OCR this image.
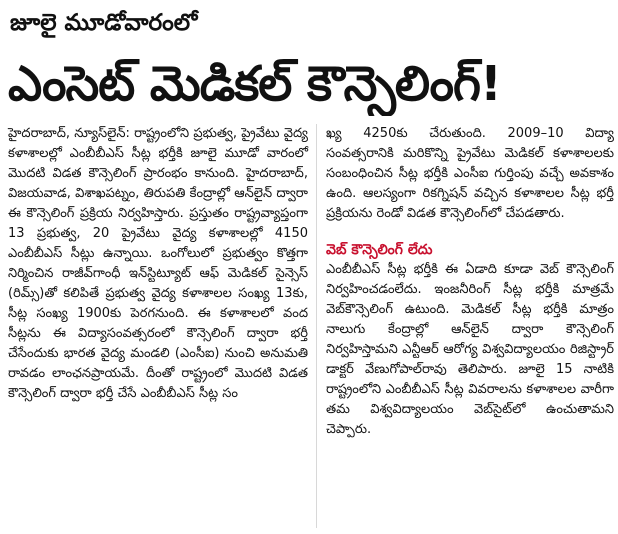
జూలై మూడోవారంలో
ఎంసెట్ మెడికల్ కౌన్సెలింగ్!

హైదరాబాద్, న్యూస్‌లైన్: రాష్ట్రంలోని ప్రభుత్వ, ప్రైవేటు వైద్య కళాశాలల్లో ఎంబీబీఎస్ సీట్ల భర్తీకి జూలై మూడో వారంలో మొదటి విడత కౌన్సెలింగ్ ప్రారంభం కానుంది. హైదరాబాద్, విజయవాడ, విశాఖపట్నం, తిరుపతి కేంద్రాల్లో ఆన్‌లైన్ ద్వారా ఈ కౌన్సెలింగ్ ప్రక్రియ నిర్వహిస్తారు. ప్రస్తుతం రాష్ట్రవ్యాప్తంగా 13 ప్రభుత్వ, 20 ప్రైవేటు వైద్య కళాశాలల్లో 4150 ఎంబీబీఎస్ సీట్లు ఉన్నాయి. ఒంగోలులో ప్రభుత్వం కొత్తగా నిర్మించిన రాజీవ్‌గాంధీ ఇన్‌స్టిట్యూట్ ఆఫ్ మెడికల్ సైన్సెస్ (రిమ్స్)తో కలిపితే ప్రభుత్వ వైద్య కళాశాలల సంఖ్య 13కు, సీట్ల సంఖ్య 1900కు పెరగనుంది. ఈ కళాశాలలో వంద సీట్లను ఈ విద్యాసంవత్సరంలో కౌన్సెలింగ్ ద్వారా భర్తీ చేసేందుకు భారత వైద్య మండలి (ఎంసీఐ) నుంచి అనుమతి రావడం లాంఛనప్రాయమే. దీంతో రాష్ట్రంలో మొదటి విడత కౌన్సెలింగ్ ద్వారా భర్తీ చేసే ఎంబీబీఎస్ సీట్ల సం

ఖ్య 4250కు చేరుతుంది. 2009–10 విద్యా సంవత్సరానికి మరికొన్ని ప్రైవేటు మెడికల్ కళాశాలలకు సంబంధించిన సీట్ల భర్తీకి ఎంసీఐ గుర్తింపు వచ్చే అవకాశం ఉంది. ఆలస్యంగా రికగ్నిషన్ వచ్చిన కళాశాలల సీట్ల భర్తీ ప్రక్రియను రెండో విడత కౌన్సెలింగ్‌లో చేపడతారు.

వెబ్ కౌన్సెలింగ్ లేదు

ఎంబీబీఎస్ సీట్ల భర్తీకి ఈ ఏడాది కూడా వెబ్ కౌన్సెలింగ్ నిర్వహించడంలేదు. ఇంజనీరింగ్ సీట్ల భర్తీకి మాత్రమే వెబ్‌కౌన్సెలింగ్ ఉటుంది. మెడికల్ సీట్ల భర్తీకి మాత్రం నాలుగు కేంద్రాల్లో ఆన్‌లైన్ ద్వారా కౌన్సెలింగ్ నిర్వహిస్తామని ఎన్టీఆర్ ఆరోగ్య విశ్వవిద్యాలయం రిజిస్ట్రార్ డాక్టర్ వేణుగోపాల్‌రావు తెలిపారు. జూలై 15 నాటికి రాష్ట్రంలోని ఎంబీబీఎస్ సీట్ల వివరాలను కళాశాలల వారీగా తమ విశ్వవిద్యాలయం వెబ్‌సైట్‌లో ఉంచుతామని చెప్పారు.
